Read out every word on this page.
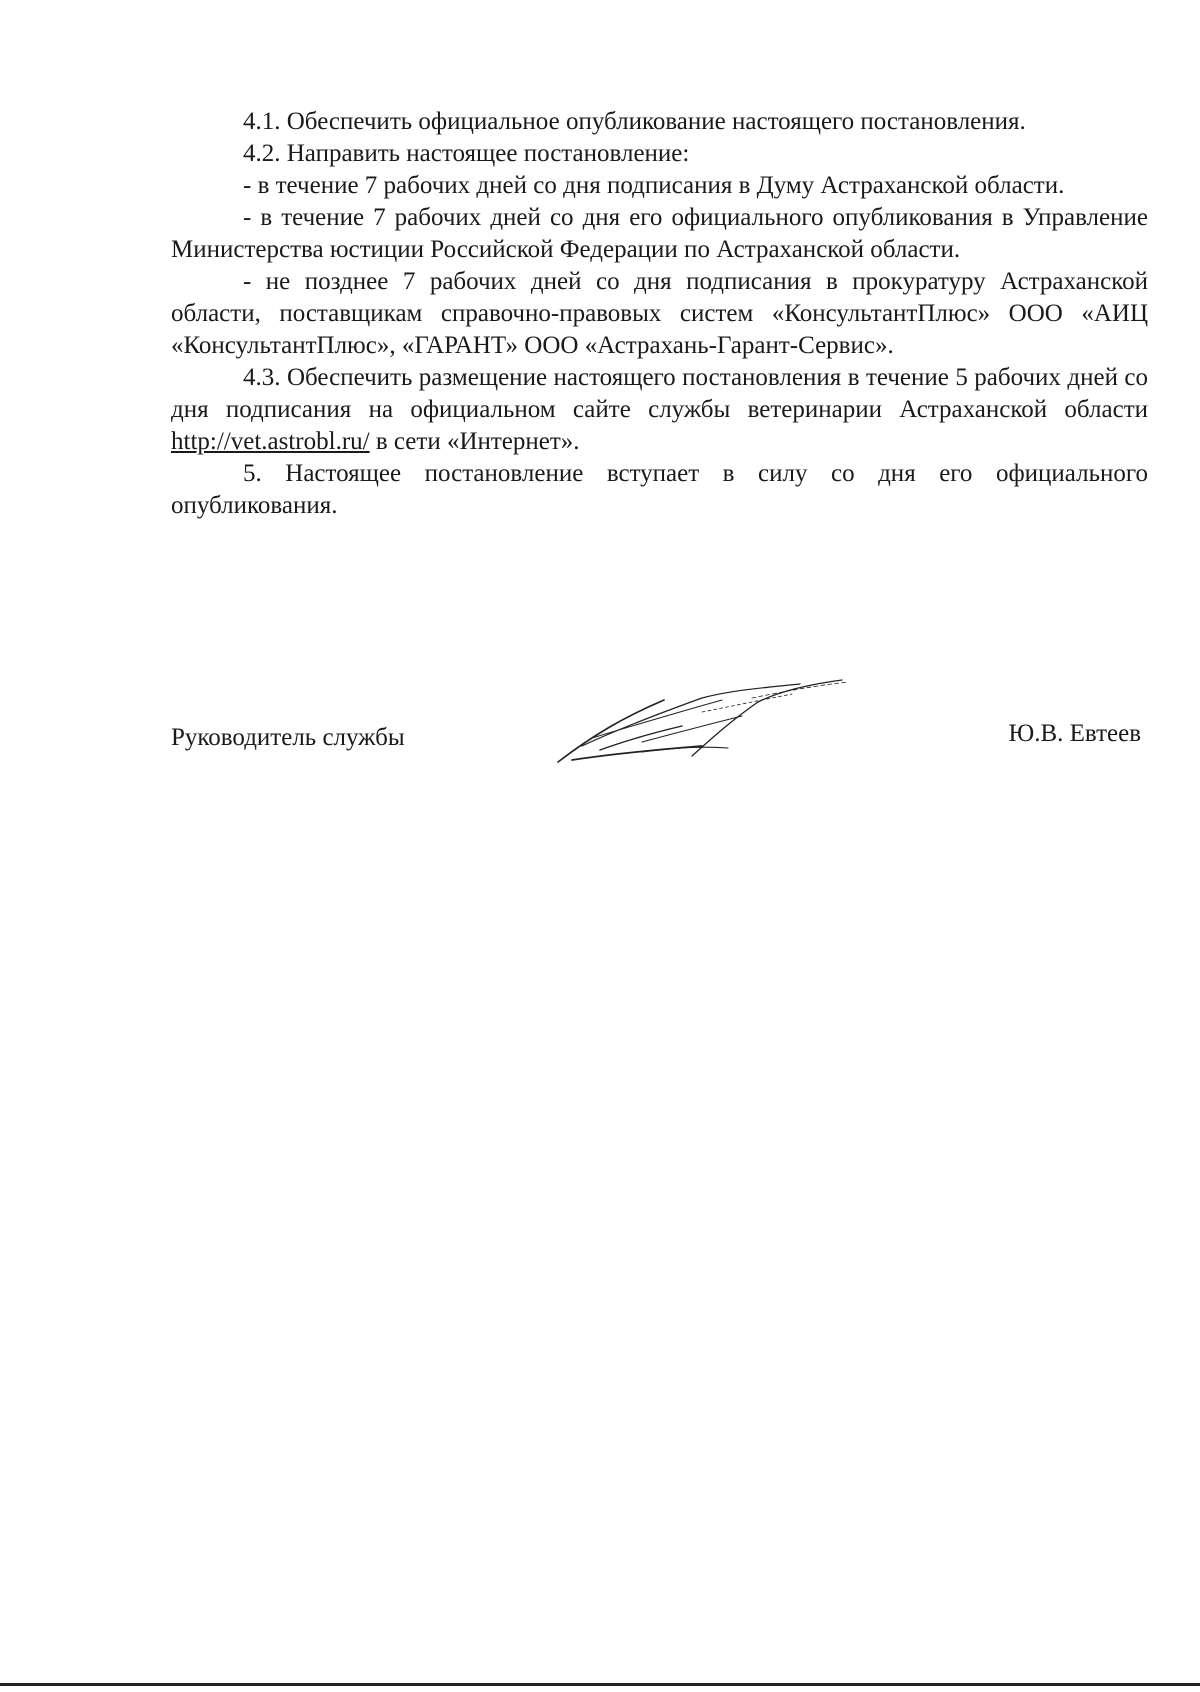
4.1. Обеспечить официальное опубликование настоящего постановления.

4.2. Направить настоящее постановление:

- в течение 7 рабочих дней со дня подписания в Думу Астраханской области.

- в течение 7 рабочих дней со дня его официального опубликования в Управление Министерства юстиции Российской Федерации по Астраханской области.

- не позднее 7 рабочих дней со дня подписания в прокуратуру Астраханской области, поставщикам справочно-правовых систем «КонсультантПлюс» ООО «АИЦ «КонсультантПлюс», «ГАРАНТ» ООО «Астрахань-Гарант-Сервис».

4.3. Обеспечить размещение настоящего постановления в течение 5 рабочих дней со дня подписания на официальном сайте службы ветеринарии Астраханской области http://vet.astrobl.ru/ в сети «Интернет».

5. Настоящее постановление вступает в силу со дня его официального опубликования.

Руководитель службы	Ю.В. Евтеев
